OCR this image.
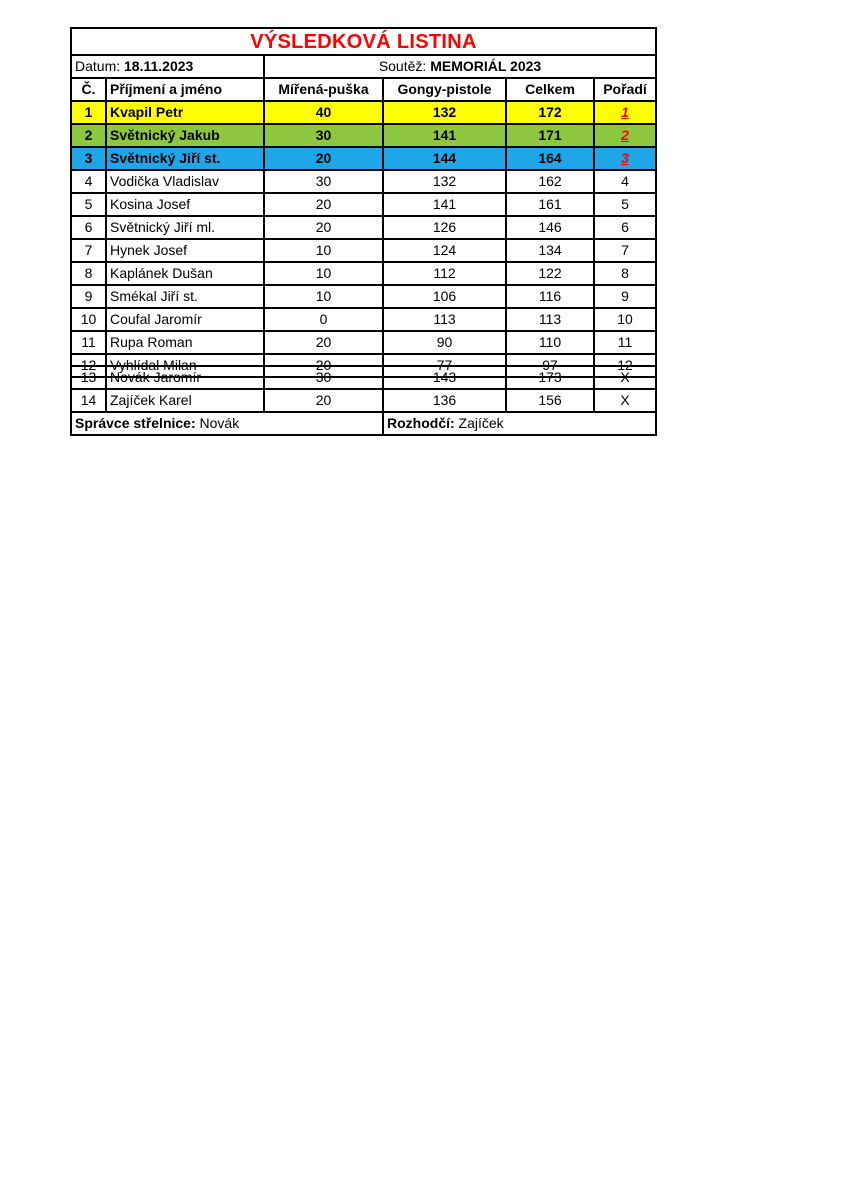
VÝSLEDKOVÁ LISTINA					
Datum: 18.11.2023		Soutěž: MEMORIÁL 2023			
Č.	Příjmení a jméno	Mířená-puška	Gongy-pistole	Celkem	Pořadí
1	Kvapil Petr	40	132	172	1
2	Světnický Jakub	30	141	171	2
3	Světnický Jiří st.	20	144	164	3
4	Vodička Vladislav	30	132	162	4
5	Kosina Josef	20	141	161	5
6	Světnický Jiří ml.	20	126	146	6
7	Hynek Josef	10	124	134	7
8	Kaplánek Dušan	10	112	122	8
9	Smékal Jiří st.	10	106	116	9
10	Coufal Jaromír	0	113	113	10
11	Rupa Roman	20	90	110	11
12	Vyhlídal Milan	20	77	97	12
13	Novák Jaromír	30	143	173	X
14	Zajíček Karel	20	136	156	X
Správce střelnice: Novák			Rozhodčí: Zajíček		
